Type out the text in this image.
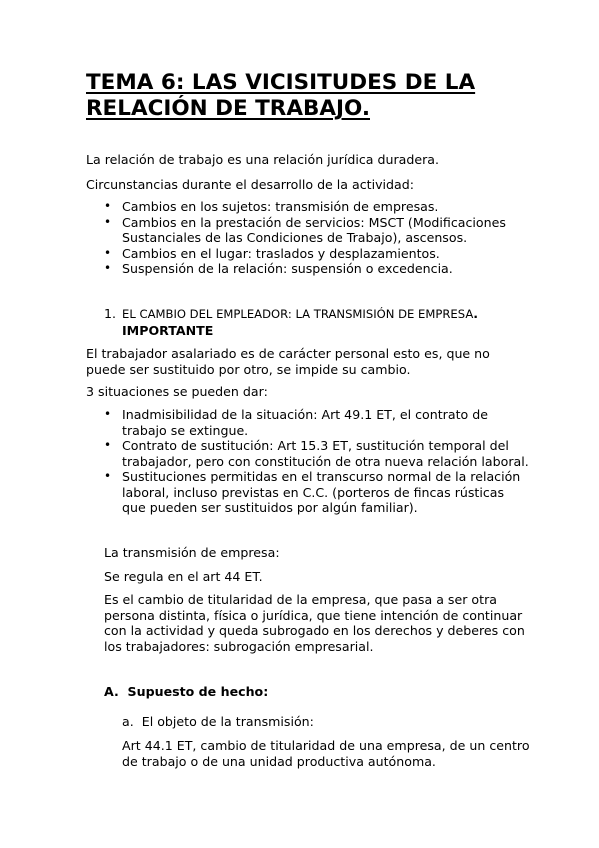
TEMA 6: LAS VICISITUDES DE LA
RELACIÓN DE TRABAJO.

La relación de trabajo es una relación jurídica duradera.

Circunstancias durante el desarrollo de la actividad:

• Cambios en los sujetos: transmisión de empresas.
• Cambios en la prestación de servicios: MSCT (Modificaciones
Sustanciales de las Condiciones de Trabajo), ascensos.
• Cambios en el lugar: traslados y desplazamientos.
• Suspensión de la relación: suspensión o excedencia.
1. EL CAMBIO DEL EMPLEADOR: LA TRANSMISIÓN DE EMPRESA.
IMPORTANTE

El trabajador asalariado es de carácter personal esto es, que no
puede ser sustituido por otro, se impide su cambio.

3 situaciones se pueden dar:

• Inadmisibilidad de la situación: Art 49.1 ET, el contrato de
trabajo se extingue.
• Contrato de sustitución: Art 15.3 ET, sustitución temporal del
trabajador, pero con constitución de otra nueva relación laboral.
• Sustituciones permitidas en el transcurso normal de la relación
laboral, incluso previstas en C.C. (porteros de fincas rústicas
que pueden ser sustituidos por algún familiar).

La transmisión de empresa:

Se regula en el art 44 ET.

Es el cambio de titularidad de la empresa, que pasa a ser otra
persona distinta, física o jurídica, que tiene intención de continuar
con la actividad y queda subrogado en los derechos y deberes con
los trabajadores: subrogación empresarial.

A. Supuesto de hecho:

a. El objeto de la transmisión:

Art 44.1 ET, cambio de titularidad de una empresa, de un centro
de trabajo o de una unidad productiva autónoma.
